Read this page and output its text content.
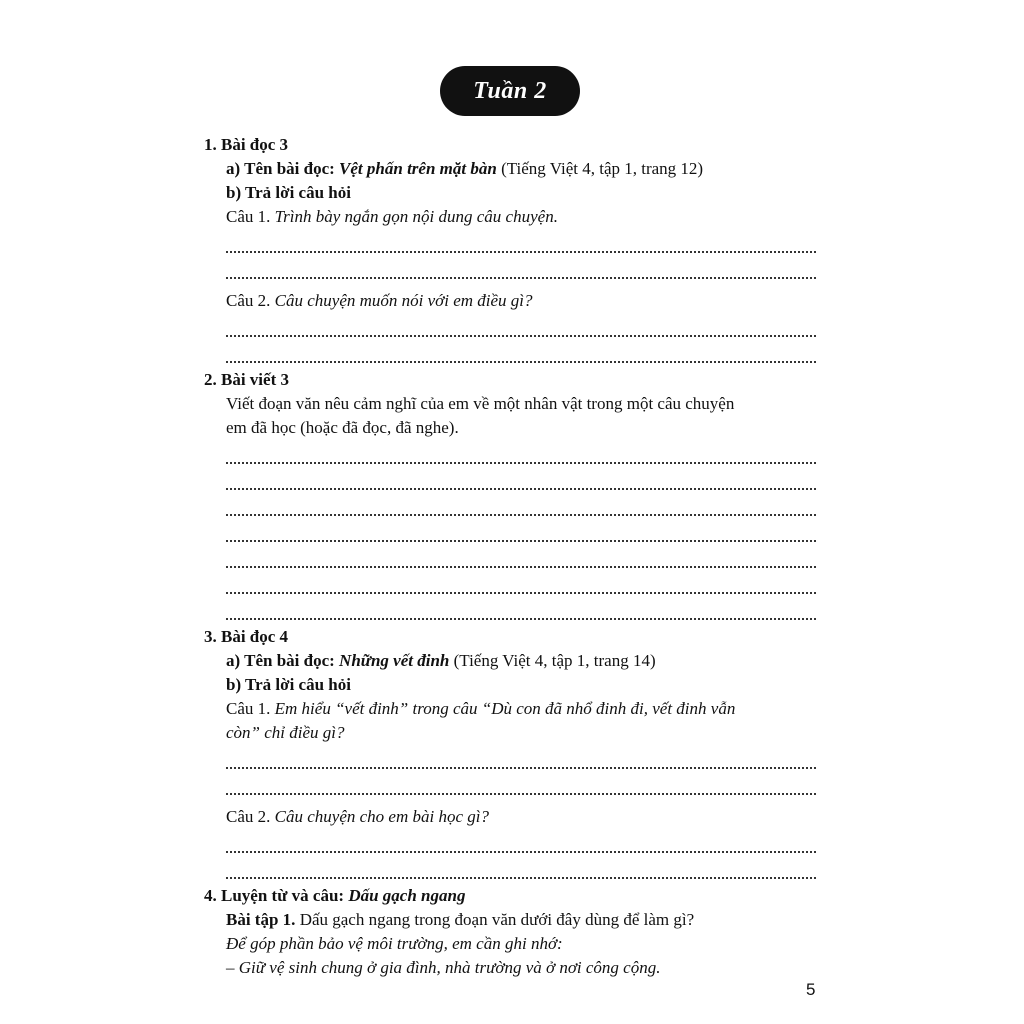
Tuần 2
1. Bài đọc 3
a) Tên bài đọc: Vệt phấn trên mặt bàn (Tiếng Việt 4, tập 1, trang 12)
b) Trả lời câu hỏi
Câu 1. Trình bày ngắn gọn nội dung câu chuyện.
Câu 2. Câu chuyện muốn nói với em điều gì?
2. Bài viết 3
Viết đoạn văn nêu cảm nghĩ của em về một nhân vật trong một câu chuyện
em đã học (hoặc đã đọc, đã nghe).
3. Bài đọc 4
a) Tên bài đọc: Những vết đinh (Tiếng Việt 4, tập 1, trang 14)
b) Trả lời câu hỏi
Câu 1. Em hiểu “vết đinh” trong câu “Dù con đã nhổ đinh đi, vết đinh vẫn
còn” chỉ điều gì?
Câu 2. Câu chuyện cho em bài học gì?
4. Luyện từ và câu: Dấu gạch ngang
Bài tập 1. Dấu gạch ngang trong đoạn văn dưới đây dùng để làm gì?
Để góp phần bảo vệ môi trường, em cần ghi nhớ:
– Giữ vệ sinh chung ở gia đình, nhà trường và ở nơi công cộng.
5
